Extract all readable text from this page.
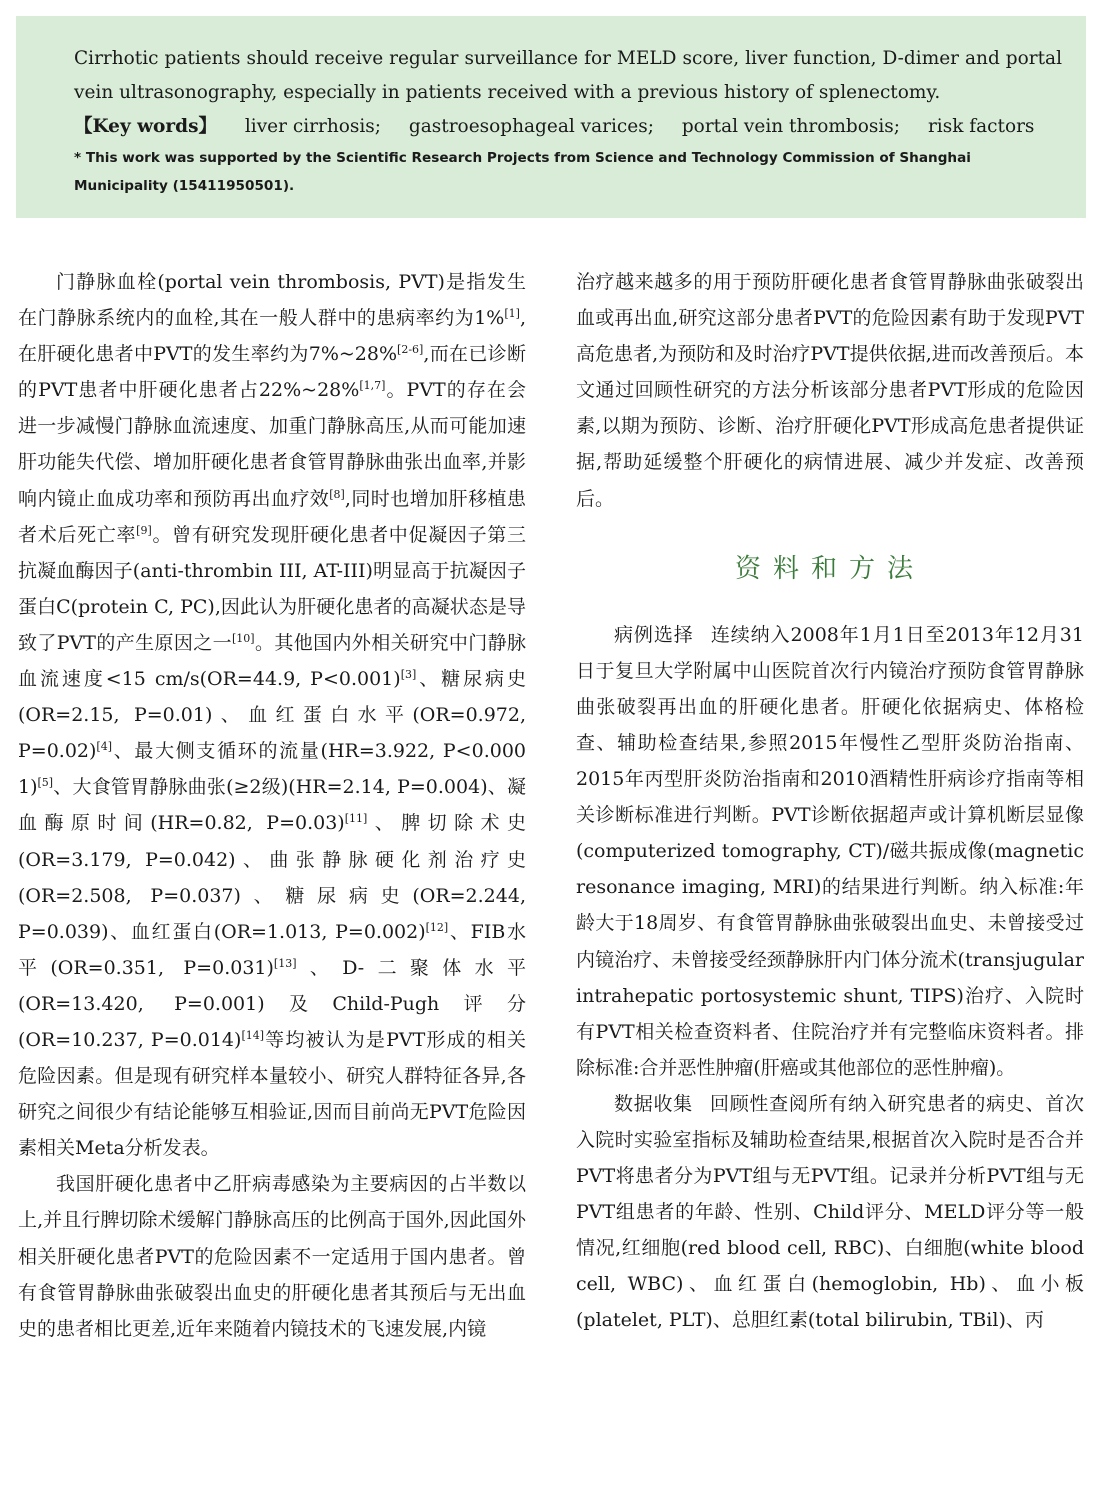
Cirrhotic patients should receive regular surveillance for MELD score, liver function, D-dimer and portal vein ultrasonography, especially in patients received with a previous history of splenectomy.

【Key words】 liver cirrhosis; gastroesophageal varices; portal vein thrombosis; risk factors

* This work was supported by the Scientific Research Projects from Science and Technology Commission of Shanghai Municipality (15411950501).

门静脉血栓(portal vein thrombosis, PVT)是指发生在门静脉系统内的血栓,其在一般人群中的患病率约为1%[1],在肝硬化患者中PVT的发生率约为7%~28%[2-6],而在已诊断的PVT患者中肝硬化患者占22%~28%[1,7]。PVT的存在会进一步减慢门静脉血流速度、加重门静脉高压,从而可能加速肝功能失代偿、增加肝硬化患者食管胃静脉曲张出血率,并影响内镜止血成功率和预防再出血疗效[8],同时也增加肝移植患者术后死亡率[9]。曾有研究发现肝硬化患者中促凝因子第三抗凝血酶因子(anti-thrombin III, AT-III)明显高于抗凝因子蛋白C(protein C, PC),因此认为肝硬化患者的高凝状态是导致了PVT的产生原因之一[10]。其他国内外相关研究中门静脉血流速度<15 cm/s(OR=44.9, P<0.001)[3]、糖尿病史(OR=2.15, P=0.01)、血红蛋白水平(OR=0.972, P=0.02)[4]、最大侧支循环的流量(HR=3.922, P<0.000 1)[5]、大食管胃静脉曲张(≥2级)(HR=2.14, P=0.004)、凝血酶原时间(HR=0.82, P=0.03)[11]、脾切除术史(OR=3.179, P=0.042)、曲张静脉硬化剂治疗史(OR=2.508, P=0.037)、糖尿病史(OR=2.244, P=0.039)、血红蛋白(OR=1.013, P=0.002)[12]、FIB水平(OR=0.351, P=0.031)[13]、D-二聚体水平(OR=13.420, P=0.001)及Child-Pugh评分(OR=10.237, P=0.014)[14]等均被认为是PVT形成的相关危险因素。但是现有研究样本量较小、研究人群特征各异,各研究之间很少有结论能够互相验证,因而目前尚无PVT危险因素相关Meta分析发表。

我国肝硬化患者中乙肝病毒感染为主要病因的占半数以上,并且行脾切除术缓解门静脉高压的比例高于国外,因此国外相关肝硬化患者PVT的危险因素不一定适用于国内患者。曾有食管胃静脉曲张破裂出血史的肝硬化患者其预后与无出血史的患者相比更差,近年来随着内镜技术的飞速发展,内镜

治疗越来越多的用于预防肝硬化患者食管胃静脉曲张破裂出血或再出血,研究这部分患者PVT的危险因素有助于发现PVT高危患者,为预防和及时治疗PVT提供依据,进而改善预后。本文通过回顾性研究的方法分析该部分患者PVT形成的危险因素,以期为预防、诊断、治疗肝硬化PVT形成高危患者提供证据,帮助延缓整个肝硬化的病情进展、减少并发症、改善预后。

资料和方法

病例选择 连续纳入2008年1月1日至2013年12月31日于复旦大学附属中山医院首次行内镜治疗预防食管胃静脉曲张破裂再出血的肝硬化患者。肝硬化依据病史、体格检查、辅助检查结果,参照2015年慢性乙型肝炎防治指南、2015年丙型肝炎防治指南和2010酒精性肝病诊疗指南等相关诊断标准进行判断。PVT诊断依据超声或计算机断层显像(computerized tomography, CT)/磁共振成像(magnetic resonance imaging, MRI)的结果进行判断。纳入标准:年龄大于18周岁、有食管胃静脉曲张破裂出血史、未曾接受过内镜治疗、未曾接受经颈静脉肝内门体分流术(transjugular intrahepatic portosystemic shunt, TIPS)治疗、入院时有PVT相关检查资料者、住院治疗并有完整临床资料者。排除标准:合并恶性肿瘤(肝癌或其他部位的恶性肿瘤)。

数据收集 回顾性查阅所有纳入研究患者的病史、首次入院时实验室指标及辅助检查结果,根据首次入院时是否合并PVT将患者分为PVT组与无PVT组。记录并分析PVT组与无PVT组患者的年龄、性别、Child评分、MELD评分等一般情况,红细胞(red blood cell, RBC)、白细胞(white blood cell, WBC)、血红蛋白(hemoglobin, Hb)、血小板(platelet, PLT)、总胆红素(total bilirubin, TBil)、丙
